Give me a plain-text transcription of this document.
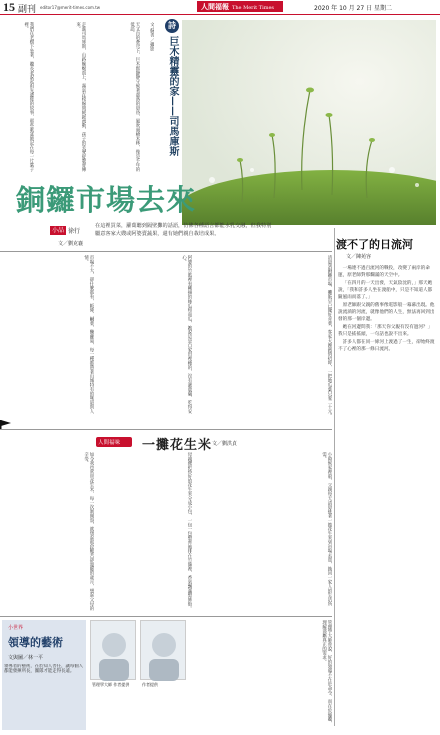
15 副刊 editor17@merit-times.com.tw	人間福報 The Merit Times	2020 年 10 月 27 日 星期二
詩
巨木精靈的家——司馬庫斯
文‧蘇善／攝影
天文台的蒼穹下，巨木群靜靜守候著部落的晨昏，風吹過檜木林，像是千年的低語。
走進司馬庫斯，山路蜿蜒而上，霧氣在稜線間緩緩流動，孩子的笑聲從教會傳來。
我們在老樹下坐著，聽長老說起祖先遷徙的故事，那些歌謠被記在每一片葉子裡。
銅鑼市場去來
小品 徐行
文／劉克襄
在這裡買菜，蘿蔔聽到隔壁攤的話語，仿佛各種語言都能水乳交融，但我特別屬意客家大嫂或阿婆賣蔬果，還有她們親自栽培成果。
清晨到銅鑼市場，攤販早已擺好青菜，客家大嫂熱情招呼，一把地瓜葉只要二十元。
阿婆的竹籃裡有剛摘的絲瓜和南瓜，她說這是自家田裡種的，沒有灑農藥，吃得安心。
市場不大，卻什麼都有，粄條、鹹菜、醃蘿蔔，每一種都帶著山城特有的味道與人情。
渡不了的日流河
文／陳苑容

一場連不過百流河的戰役，改變了兩岸的命運，原老師對那爛滿的天空中。

「在四月的一天出發，天氣陰沈的，」那天她說，「我和許多人坐在渡船中，只是不知道人都隨風雨而落了。」

原老師跟父親的舊事像電影般一幕幕出現。他說流淌的河流，就像他們的人生，無法再回到出發的那一個岸邊。

她在河邊問我：「那天你父親有沒有過河？」我只是搖搖頭，一句話也說不出來。

許多人都在同一條河上渡過了一生，卻始終渡不了心裡的那一條日流河。

人間福味 一攤花生米 文／劉洪貞
小時候家裡窮，父親每天清晨挑著一擔花生米到市場去賣，換回一家人的生活所需。
母親總把炒好的花生米分成小包，一包一包整齊地排在竹篩裡，香氣飄滿整條街。
如今我也常買花生米，每一次剝開殼，就想起那段艱苦卻溫暖的歲月，想起父母的辛勞。
小世界
領導的藝術
文與圖／林一平
領導者的藝術，在於知人善任，讓每個人都能發揮所長，團隊才能走得長遠。
管理學大師 作者提供	作者提供	管理學大師曾說，好的領導不在於命令，而在於傾聽，理解部屬真正的需求。
